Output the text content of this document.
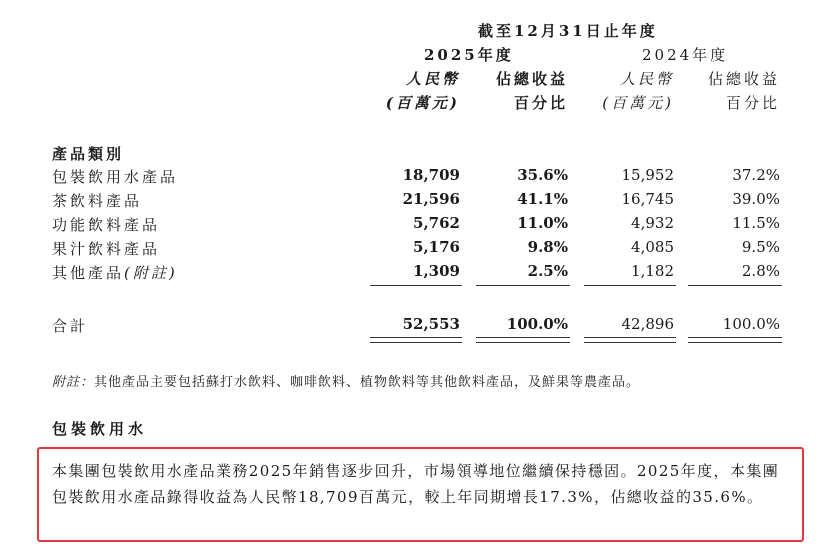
截至12月31日止年度
2025年度	2024年度
人民幣	佔總收益	人民幣	佔總收益
(百萬元)	百分比	(百萬元)	百分比
產品類別
包裝飲用水產品	18,709	35.6%	15,952	37.2%
茶飲料產品	21,596	41.1%	16,745	39.0%
功能飲料產品	5,762	11.0%	4,932	11.5%
果汁飲料產品	5,176	9.8%	4,085	9.5%
其他產品(附註)	1,309	2.5%	1,182	2.8%
合計	52,553	100.0%	42,896	100.0%
附註：其他產品主要包括蘇打水飲料、咖啡飲料、植物飲料等其他飲料產品，及鮮果等農產品。
包裝飲用水
本集團包裝飲用水產品業務2025年銷售逐步回升，市場領導地位繼續保持穩固。2025年度，本集團包裝飲用水產品錄得收益為人民幣18,709百萬元，較上年同期增長17.3%，佔總收益的35.6%。
